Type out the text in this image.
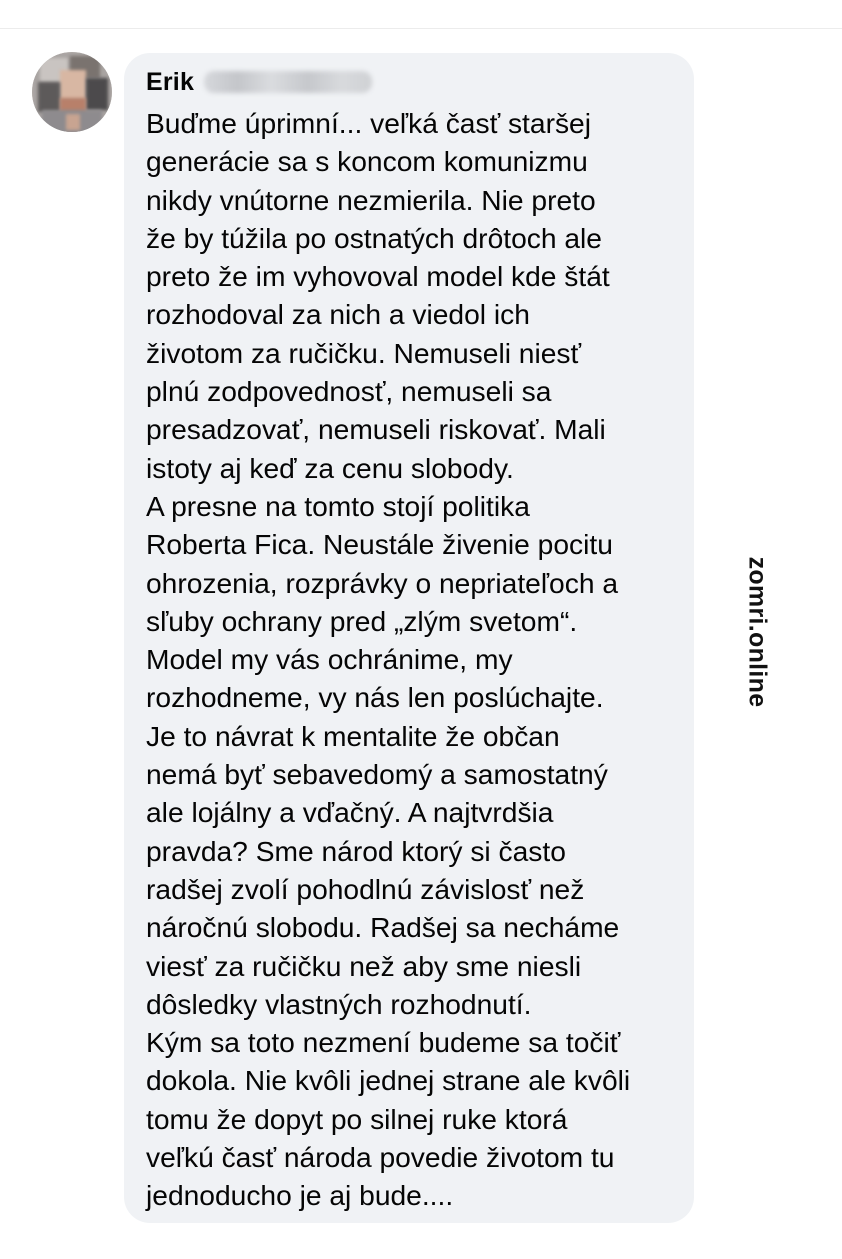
Erik
Buďme úprimní... veľká časť staršej
generácie sa s koncom komunizmu
nikdy vnútorne nezmierila. Nie preto
že by túžila po ostnatých drôtoch ale
preto že im vyhovoval model kde štát
rozhodoval za nich a viedol ich
životom za ručičku. Nemuseli niesť
plnú zodpovednosť, nemuseli sa
presadzovať, nemuseli riskovať. Mali
istoty aj keď za cenu slobody.
A presne na tomto stojí politika
Roberta Fica. Neustále živenie pocitu
ohrozenia, rozprávky o nepriateľoch a
sľuby ochrany pred „zlým svetom“.
Model my vás ochránime, my
rozhodneme, vy nás len poslúchajte.
Je to návrat k mentalite že občan
nemá byť sebavedomý a samostatný
ale lojálny a vďačný. A najtvrdšia
pravda? Sme národ ktorý si často
radšej zvolí pohodlnú závislosť než
náročnú slobodu. Radšej sa necháme
viesť za ručičku než aby sme niesli
dôsledky vlastných rozhodnutí.
Kým sa toto nezmení budeme sa točiť
dokola. Nie kvôli jednej strane ale kvôli
tomu že dopyt po silnej ruke ktorá
veľkú časť národa povedie životom tu
jednoducho je aj bude....
zomri.online
